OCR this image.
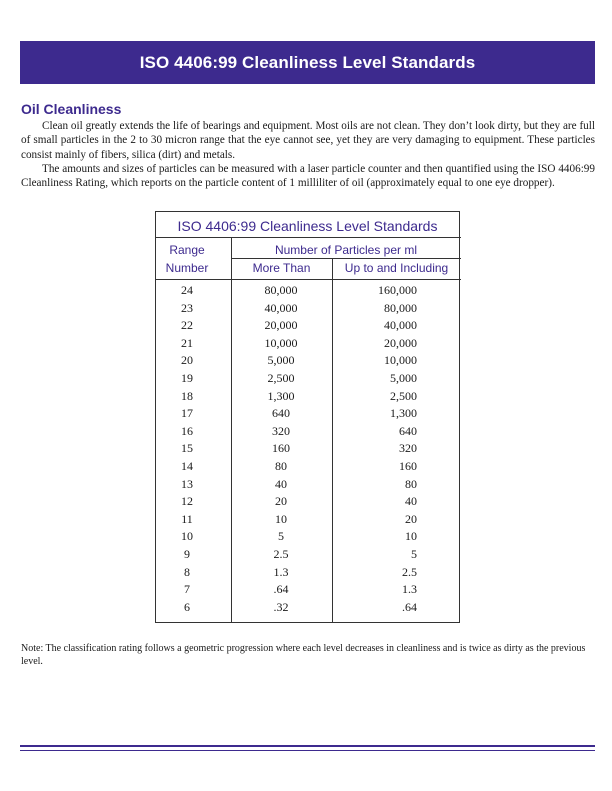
ISO 4406:99 Cleanliness Level Standards
Oil Cleanliness

Clean oil greatly extends the life of bearings and equipment. Most oils are not clean. They don’t look dirty, but they are full of small particles in the 2 to 30 micron range that the eye cannot see, yet they are very damaging to equipment. These particles consist mainly of fibers, silica (dirt) and metals.

The amounts and sizes of particles can be measured with a laser particle counter and then quantified using the ISO 4406:99 Cleanliness Rating, which reports on the particle content of 1 milliliter of oil (approximately equal to one eye dropper).

ISO 4406:99 Cleanliness Level Standards
Range
Number
Number of Particles per ml
More Than	Up to and Including
24	80,000	160,000
23	40,000	80,000
22	20,000	40,000
21	10,000	20,000
20	5,000	10,000
19	2,500	5,000
18	1,300	2,500
17	640	1,300
16	320	640
15	160	320
14	80	160
13	40	80
12	20	40
11	10	20
10	5	10
9	2.5	5
8	1.3	2.5
7	.64	1.3
6	.32	.64
Note: The classification rating follows a geometric progression where each level decreases in cleanliness and is twice as dirty as the previous level.
